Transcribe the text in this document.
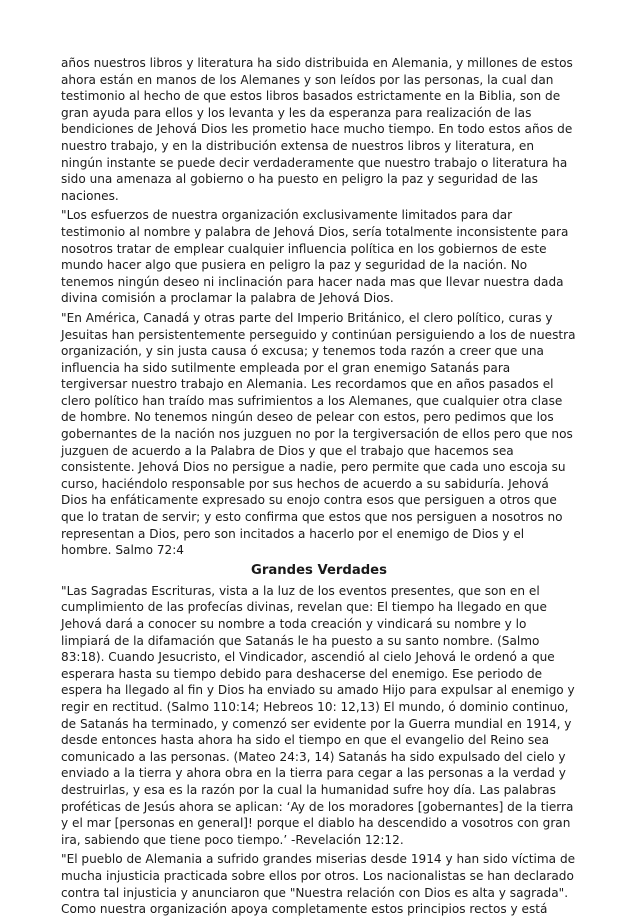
años nuestros libros y literatura ha sido distribuida en Alemania, y millones de estos ahora están en manos de los Alemanes y son leídos por las personas, la cual dan testimonio al hecho de que estos libros basados estrictamente en la Biblia, son de gran ayuda para ellos y los levanta y les da esperanza para realización de las bendiciones de Jehová Dios les prometio hace mucho tiempo. En todo estos años de nuestro trabajo, y en la distribución extensa de nuestros libros y literatura, en ningún instante se puede decir verdaderamente que nuestro trabajo o literatura ha sido una amenaza al gobierno o ha puesto en peligro la paz y seguridad de las naciones.

"Los esfuerzos de nuestra organización exclusivamente limitados para dar testimonio al nombre y palabra de Jehová Dios, sería totalmente inconsistente para nosotros tratar de emplear cualquier influencia política en los gobiernos de este mundo hacer algo que pusiera en peligro la paz y seguridad de la nación. No tenemos ningún deseo ni inclinación para hacer nada mas que llevar nuestra dada divina comisión a proclamar la palabra de Jehová Dios.

"En América, Canadá y otras parte del Imperio Británico, el clero político, curas y Jesuitas han persistentemente perseguido y continúan persiguiendo a los de nuestra organización, y sin justa causa ó excusa; y tenemos toda razón a creer que una influencia ha sido sutilmente empleada por el gran enemigo Satanás para tergiversar nuestro trabajo en Alemania. Les recordamos que en años pasados el clero político han traído mas sufrimientos a los Alemanes, que cualquier otra clase de hombre. No tenemos ningún deseo de pelear con estos, pero pedimos que los gobernantes de la nación nos juzguen no por la tergiversación de ellos pero que nos juzguen de acuerdo a la Palabra de Dios y que el trabajo que hacemos sea consistente. Jehová Dios no persigue a nadie, pero permite que cada uno escoja su curso, haciéndolo responsable por sus hechos de acuerdo a su sabiduría. Jehová Dios ha enfáticamente expresado su enojo contra esos que persiguen a otros que que lo tratan de servir; y esto confirma que estos que nos persiguen a nosotros no representan a Dios, pero son incitados a hacerlo por el enemigo de Dios y el hombre. Salmo 72:4

Grandes Verdades

"Las Sagradas Escrituras, vista a la luz de los eventos presentes, que son en el cumplimiento de las profecías divinas, revelan que: El tiempo ha llegado en que Jehová dará a conocer su nombre a toda creación y vindicará su nombre y lo limpiará de la difamación que Satanás le ha puesto a su santo nombre. (Salmo 83:18). Cuando Jesucristo, el Vindicador, ascendió al cielo Jehová le ordenó a que esperara hasta su tiempo debido para deshacerse del enemigo. Ese periodo de espera ha llegado al fin y Dios ha enviado su amado Hijo para expulsar al enemigo y regir en rectitud. (Salmo 110:14; Hebreos 10: 12,13) El mundo, ó dominio continuo, de Satanás ha terminado, y comenzó ser evidente por la Guerra mundial en 1914, y desde entonces hasta ahora ha sido el tiempo en que el evangelio del Reino sea comunicado a las personas. (Mateo 24:3, 14) Satanás ha sido expulsado del cielo y enviado a la tierra y ahora obra en la tierra para cegar a las personas a la verdad y destruirlas, y esa es la razón por la cual la humanidad sufre hoy día. Las palabras proféticas de Jesús ahora se aplican: ‘Ay de los moradores [gobernantes] de la tierra y el mar [personas en general]! porque el diablo ha descendido a vosotros con gran ira, sabiendo que tiene poco tiempo.’ -Revelación 12:12.

"El pueblo de Alemania a sufrido grandes miserias desde 1914 y han sido víctima de mucha injusticia practicada sobre ellos por otros. Los nacionalistas se han declarado contra tal injusticia y anunciaron que "Nuestra relación con Dios es alta y sagrada". Como nuestra organización apoya completamente estos principios rectos y está
